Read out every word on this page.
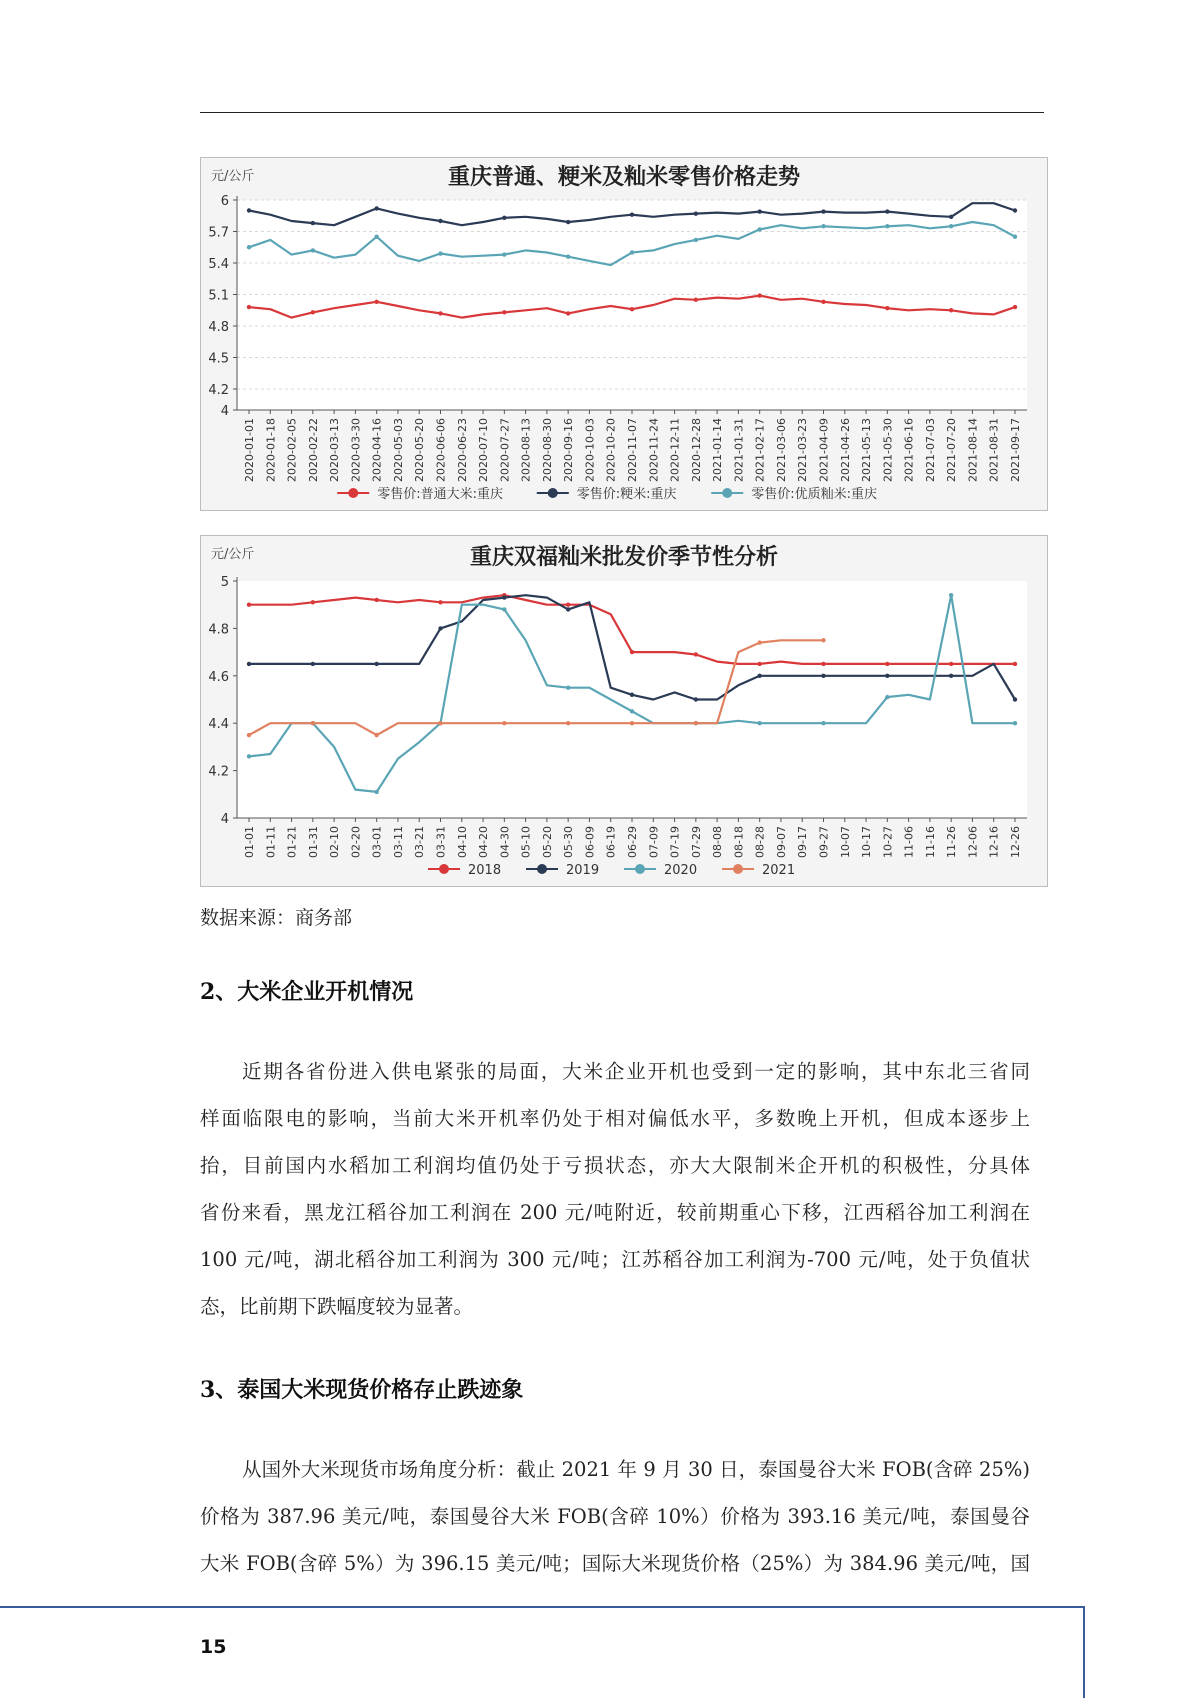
重庆普通、粳米及籼米零售价格走势
元/公斤
6
5.7
5.4
5.1
4.8
4.5
4.2
4
2020-01-01 2020-01-18 2020-02-05 2020-02-22 2020-03-13 2020-03-30 2020-04-16 2020-05-03 2020-05-20 2020-06-06 2020-06-23 2020-07-10 2020-07-27 2020-08-13 2020-08-30 2020-09-16 2020-10-03 2020-10-20 2020-11-07 2020-11-24 2020-12-11 2020-12-28 2021-01-14 2021-01-31 2021-02-17 2021-03-06 2021-03-23 2021-04-09 2021-04-26 2021-05-13 2021-05-30 2021-06-16 2021-07-03 2021-07-20 2021-08-14 2021-08-31 2021-09-17
零售价:普通大米:重庆	零售价:粳米:重庆	零售价:优质籼米:重庆
重庆双福籼米批发价季节性分析
元/公斤
5
4.8
4.6
4.4
4.2
4
01-01 01-11 01-21 01-31 02-10 02-20 03-01 03-11 03-21 03-31 04-10 04-20 04-30 05-10 05-20 05-30 06-09 06-19 06-29 07-09 07-19 07-29 08-08 08-18 08-28 09-07 09-17 09-27 10-07 10-17 10-27 11-06 11-16 11-26 12-06 12-16 12-26
2018	2019	2020	2021
数据来源：商务部
2、大米企业开机情况
近期各省份进入供电紧张的局面，大米企业开机也受到一定的影响，其中东北三省同
样面临限电的影响，当前大米开机率仍处于相对偏低水平，多数晚上开机，但成本逐步上
抬，目前国内水稻加工利润均值仍处于亏损状态，亦大大限制米企开机的积极性，分具体
省份来看，黑龙江稻谷加工利润在 200 元/吨附近，较前期重心下移，江西稻谷加工利润在
100 元/吨，湖北稻谷加工利润为 300 元/吨；江苏稻谷加工利润为-700 元/吨，处于负值状
态，比前期下跌幅度较为显著。
3、泰国大米现货价格存止跌迹象
从国外大米现货市场角度分析：截止 2021 年 9 月 30 日，泰国曼谷大米 FOB(含碎 25%)
价格为 387.96 美元/吨，泰国曼谷大米 FOB(含碎 10%）价格为 393.16 美元/吨，泰国曼谷
大米 FOB(含碎 5%）为 396.15 美元/吨；国际大米现货价格（25%）为 384.96 美元/吨，国
15
